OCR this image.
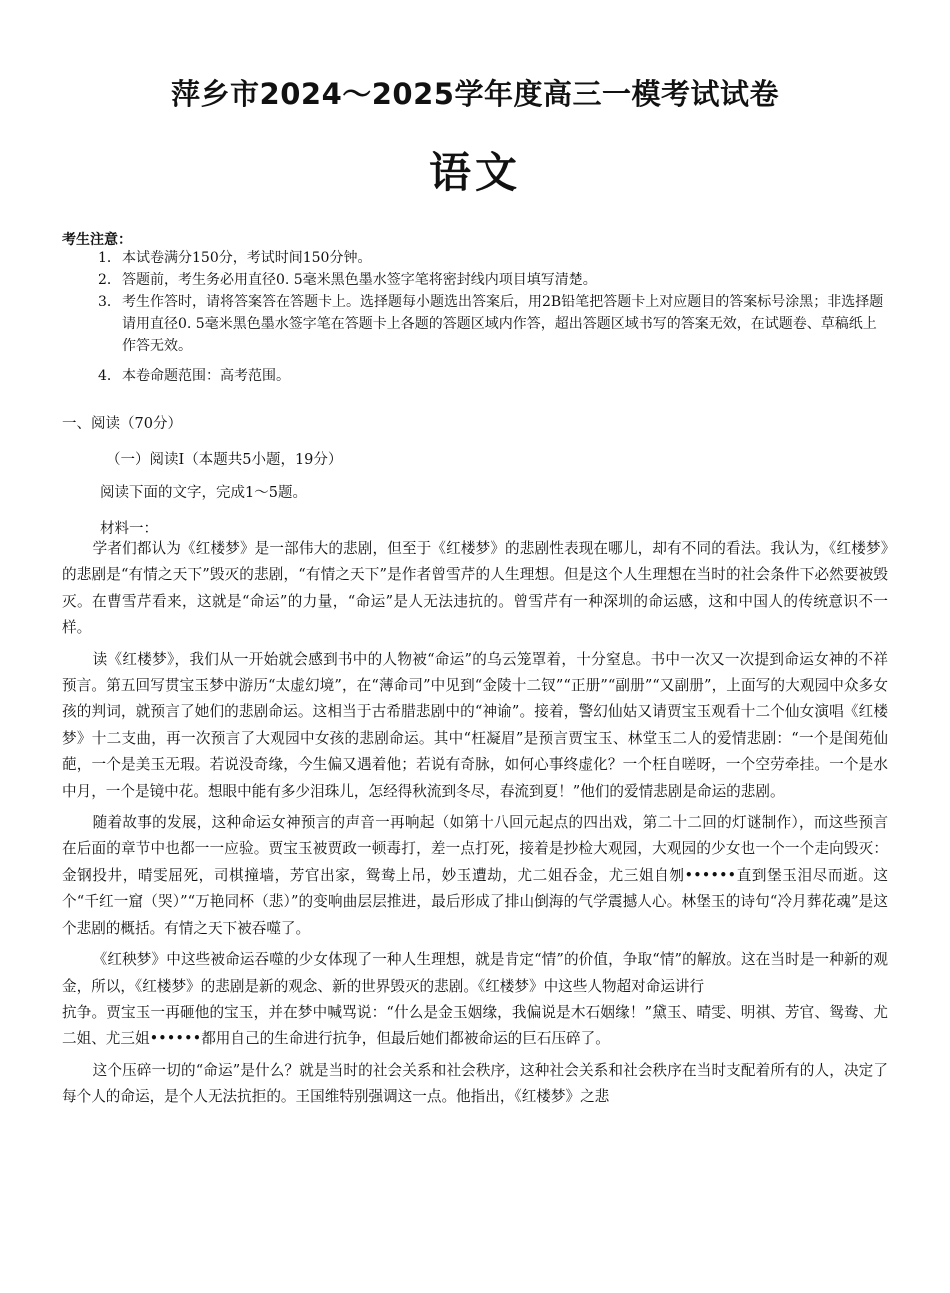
萍乡市2024～2025学年度高三一模考试试卷
语文
考生注意：
1． 本试卷满分150分，考试时间150分钟。
2． 答题前，考生务必用直径0. 5毫米黑色墨水签字笔将密封线内项目填写清楚。
3． 考生作答时，请将答案答在答题卡上。选择题每小题选出答案后，用2B铅笔把答题卡上对应题目的答案标号涂黑；非选择题请用直径0. 5毫米黑色墨水签字笔在答题卡上各题的答题区域内作答，超出答题区域书写的答案无效，在试题卷、草稿纸上作答无效。
4． 本卷命题范围：高考范围。
一、阅读（70分）
（一）阅读I（本题共5小题，19分）
阅读下面的文字，完成1～5题。
材料一：

学者们都认为《红楼梦》是一部伟大的悲剧，但至于《红楼梦》的悲剧性表现在哪儿，却有不同的看法。我认为，《红楼梦》的悲剧是“有情之天下”毁灭的悲剧，“有情之天下”是作者曾雪芹的人生理想。但是这个人生理想在当时的社会条件下必然要被毁灭。在曹雪芹看来，这就是“命运”的力量，“命运”是人无法违抗的。曾雪芹有一种深圳的命运感，这和中国人的传统意识不一样。

读《红楼梦》，我们从一开始就会感到书中的人物被“命运”的乌云笼罩着，十分窒息。书中一次又一次提到命运女神的不祥预言。第五回写贯宝玉梦中游历“太虚幻境”，在“薄命司”中见到“金陵十二钗”“正册”“副册”“又副册”，上面写的大观园中众多女孩的判词，就预言了她们的悲剧命运。这相当于古希腊悲剧中的“神谕”。接着，警幻仙姑又请贾宝玉观看十二个仙女演唱《红楼梦》十二支曲，再一次预言了大观园中女孩的悲剧命运。其中“枉凝眉”是预言贾宝玉、林堂玉二人的爱情悲剧：“一个是闺苑仙葩，一个是美玉无瑕。若说没奇缘，今生偏又遇着他；若说有奇脉，如何心事终虚化？一个枉自嗟呀，一个空劳牵挂。一个是水中月，一个是镜中花。想眼中能有多少泪珠儿，怎经得秋流到冬尽，春流到夏！”他们的爱情悲剧是命运的悲剧。

随着故事的发展，这种命运女神预言的声音一再响起（如第十八回元起点的四出戏，第二十二回的灯谜制作），而这些预言在后面的章节中也都一一应验。贾宝玉被贾政一顿毒打，差一点打死，接着是抄检大观园，大观园的少女也一个一个走向毁灭：金钢投井，晴雯屈死，司棋撞墙，芳官出家，鸳鸯上吊，妙玉遭劫，尤二姐吞金，尤三姐自刎••••••直到堡玉泪尽而逝。这个“千红一窟（哭）”“万艳同杯（悲）”的变响曲层层推进，最后形成了排山倒海的气学震撼人心。林堡玉的诗句“冷月葬花魂”是这个悲剧的概括。有情之天下被吞噬了。

《红秧梦》中这些被命运吞噬的少女体现了一种人生理想，就是肯定“情”的价值，争取“情”的解放。这在当时是一种新的观金，所以，《红楼梦》的悲剧是新的观念、新的世界毁灭的悲剧。《红楼梦》中这些人物超对命运讲行

抗争。贾宝玉一再砸他的宝玉，并在梦中喊骂说：“什么是金玉姻缘，我偏说是木石姻缘！”黛玉、晴雯、明祺、芳官、鸳鸯、尤二姐、尤三姐••••••都用自己的生命进行抗争，但最后她们都被命运的巨石压碎了。

这个压碎一切的“命运”是什么？就是当时的社会关系和社会秩序，这种社会关系和社会秩序在当时支配着所有的人，决定了每个人的命运，是个人无法抗拒的。王国维特别强调这一点。他指出，《红楼梦》之悲
